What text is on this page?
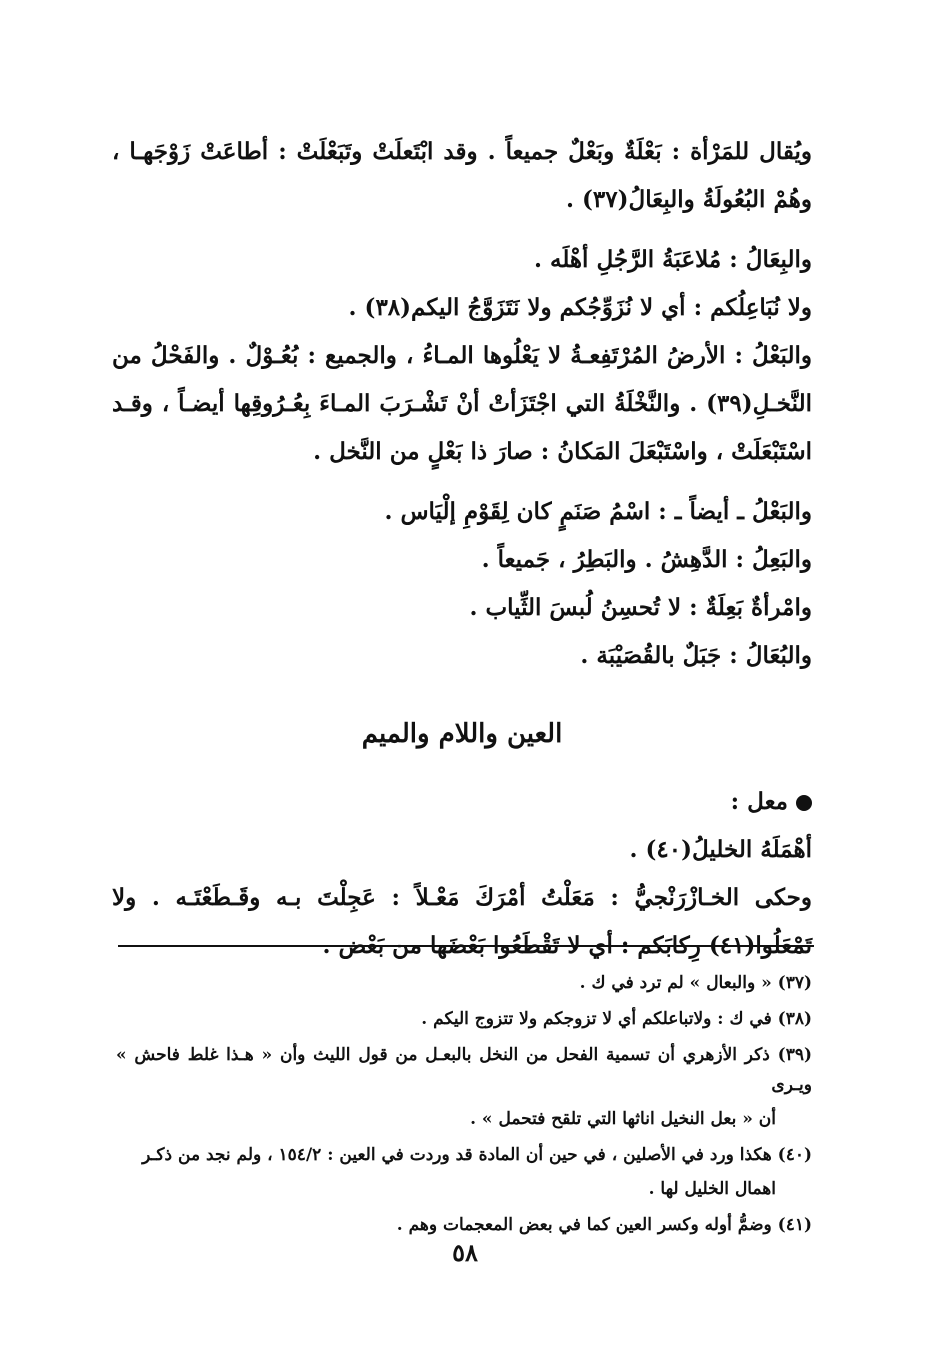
ويُقال للمَرْأة : بَعْلَةٌ وبَعْلٌ جميعاً . وقد ابْتَعلَتْ وتَبَعْلَتْ : أطاعَتْ زَوْجَهـا ، وهُمْ البُعُولَةُ والبِعَالُ(٣٧) .

والبِعَالُ : مُلاعَبَةُ الرَّجُلِ أهْلَه .

ولا نُبَاعِلُكم : أي لا نُزَوِّجُكم ولا نَتَزَوَّجُ اليكم(٣٨) .

والبَعْلُ : الأرضُ المُرْتَفِعـةُ لا يَعْلُوها المـاءُ ، والجميع : بُعُـوْلٌ . والفَحْلُ من النَّخـلِ(٣٩) . والنَّخْلَةُ التي اجْتَزَأتْ أنْ تَشْـرَبَ المـاءَ بِعُـرُوقِها أيضـاً ، وقـد اسْتَبْعَلَتْ ، واسْتَبْعَلَ المَكانُ : صارَ ذا بَعْلٍ من النَّخل .

والبَعْلُ ـ أيضاً ـ : اسْمُ صَنَمٍ كان لِقَوْمِ إلْيَاس .

والبَعِلُ : الدَّهِشُ . والبَطِرُ ، جَميعاً .

وامْرأةٌ بَعِلَةٌ : لا تُحسِنُ لُبسَ الثِّياب .

والبُعَالُ : جَبَلٌ بالقُصَيْبَة .

العين واللام والميم

معل :

أهْمَلَهُ الخليلُ(٤٠) .

وحكى الخـازْرَنْجيُّ : مَعَلْتُ أمْرَكَ مَعْـلاً : عَجِلْتَ بـه وقَـطَعْتَـه . ولا تَمْعَلُوا(٤١) رِكابَكم : أي لا تَقْطَعُوا بَعْضَها من بَعْض .

(٣٧) « والبعال » لم ترد في ك .

(٣٨) في ك : ولاتباعلكم أي لا تزوجكم ولا تتزوج اليكم .

(٣٩) ذكر الأزهري أن تسمية الفحل من النخل بالبعـل من قول الليث وأن « هـذا غلط فاحش » ويـرى

أن « بعل النخيل اناثها التي تلقح فتحمل » .

(٤٠) هكذا ورد في الأصلين ، في حين أن المادة قد وردت في العين : ١٥٤/٢ ، ولم نجد من ذكـر

اهمال الخليل لها .

(٤١) وضمُّ أوله وكسر العين كما في بعض المعجمات وهم .

٥٨
